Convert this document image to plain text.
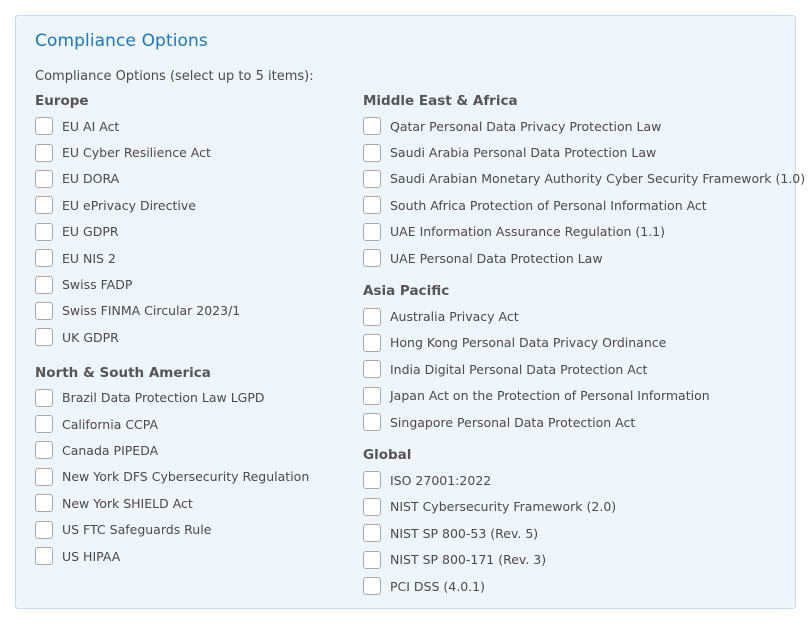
Compliance Options
Compliance Options (select up to 5 items):
Europe
EU AI Act
EU Cyber Resilience Act
EU DORA
EU ePrivacy Directive
EU GDPR
EU NIS 2
Swiss FADP
Swiss FINMA Circular 2023/1
UK GDPR
North & South America
Brazil Data Protection Law LGPD
California CCPA
Canada PIPEDA
New York DFS Cybersecurity Regulation
New York SHIELD Act
US FTC Safeguards Rule
US HIPAA
Middle East & Africa
Qatar Personal Data Privacy Protection Law
Saudi Arabia Personal Data Protection Law
Saudi Arabian Monetary Authority Cyber Security Framework (1.0)
South Africa Protection of Personal Information Act
UAE Information Assurance Regulation (1.1)
UAE Personal Data Protection Law
Asia Pacific
Australia Privacy Act
Hong Kong Personal Data Privacy Ordinance
India Digital Personal Data Protection Act
Japan Act on the Protection of Personal Information
Singapore Personal Data Protection Act
Global
ISO 27001:2022
NIST Cybersecurity Framework (2.0)
NIST SP 800-53 (Rev. 5)
NIST SP 800-171 (Rev. 3)
PCI DSS (4.0.1)
